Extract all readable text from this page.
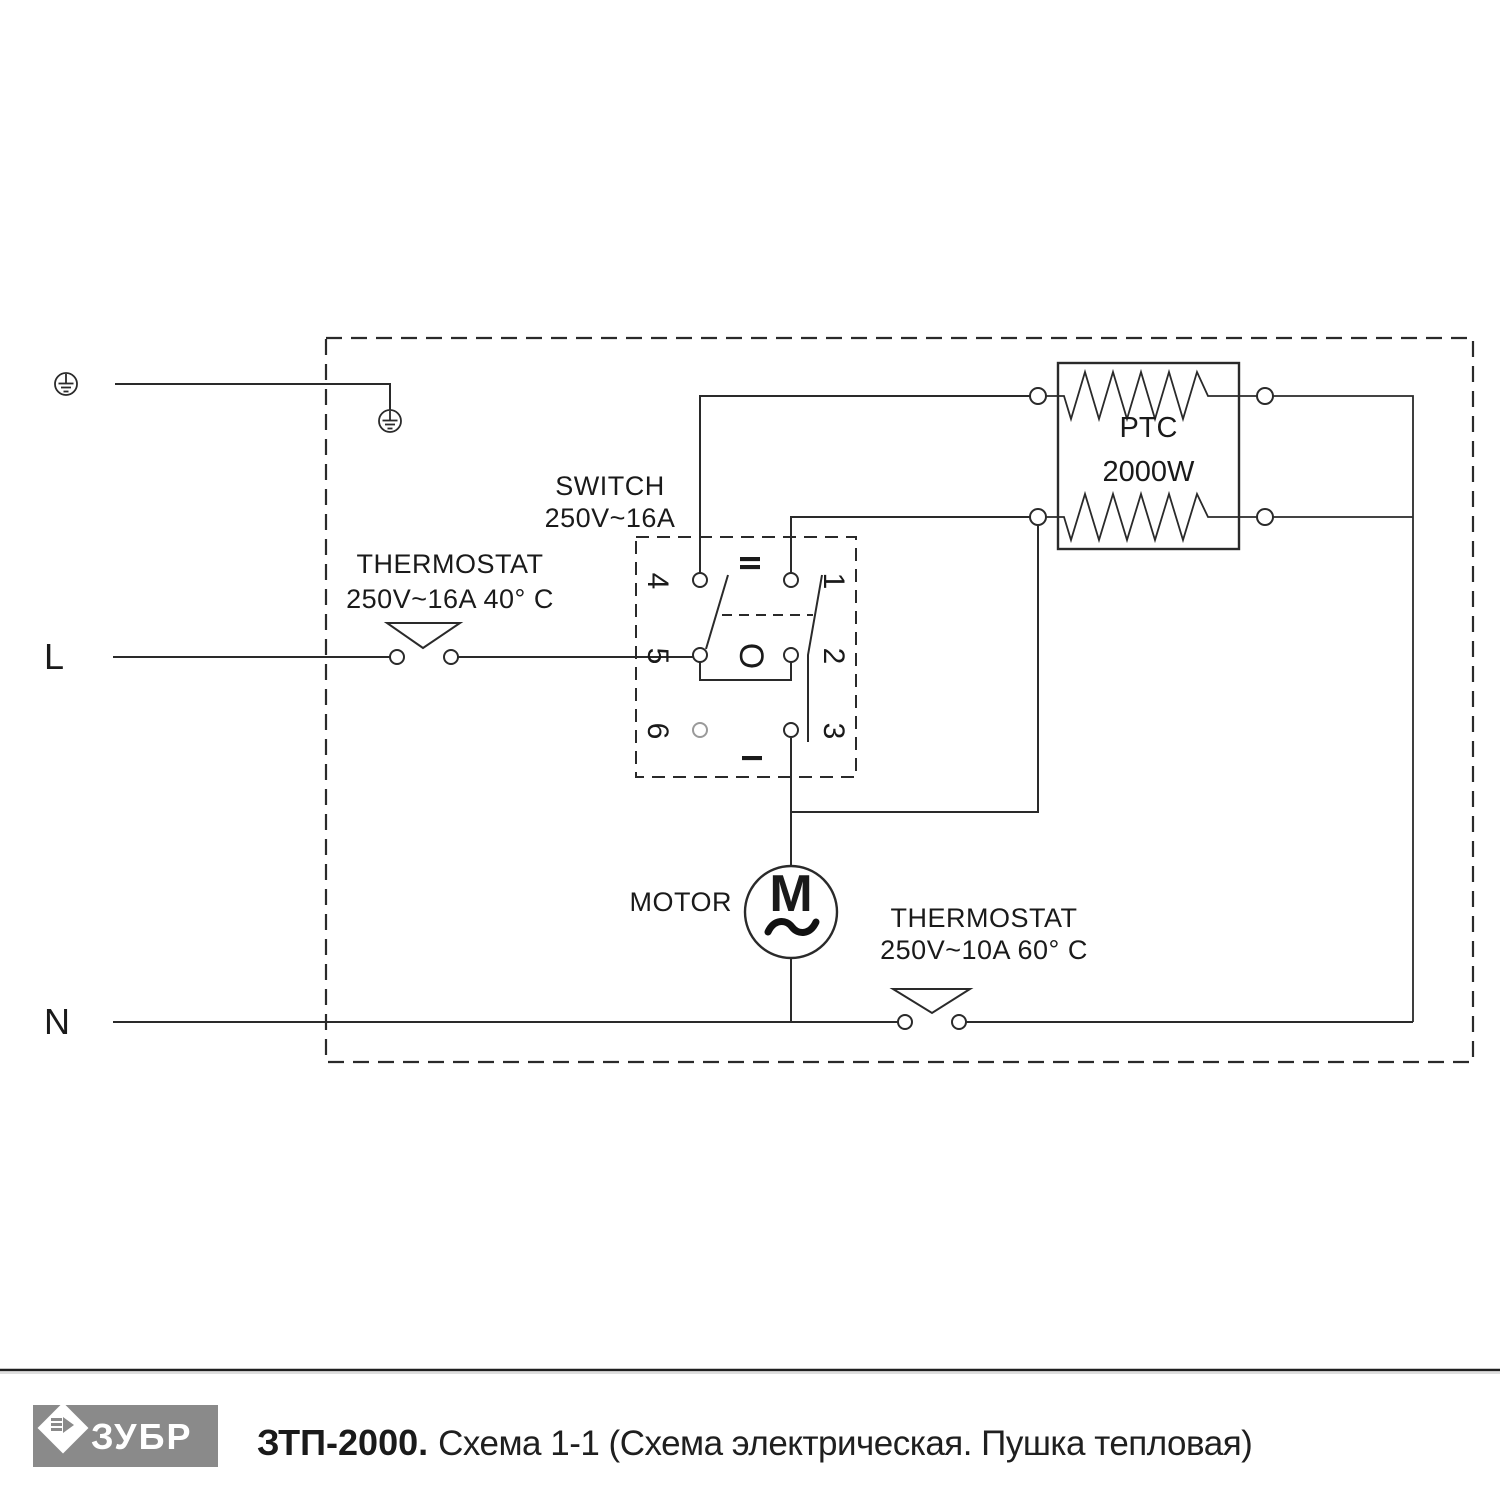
L
N
THERMOSTAT
250V~16A 40° C
SWITCH
250V~16A
4
5
6
1
2
3
II
O
I
PTC
2000W
MOTOR M	THERMOSTAT
250V~10A 60° C
ЗУБР ЗТП-2000. Схема 1-1 (Схема электрическая. Пушка тепловая)
